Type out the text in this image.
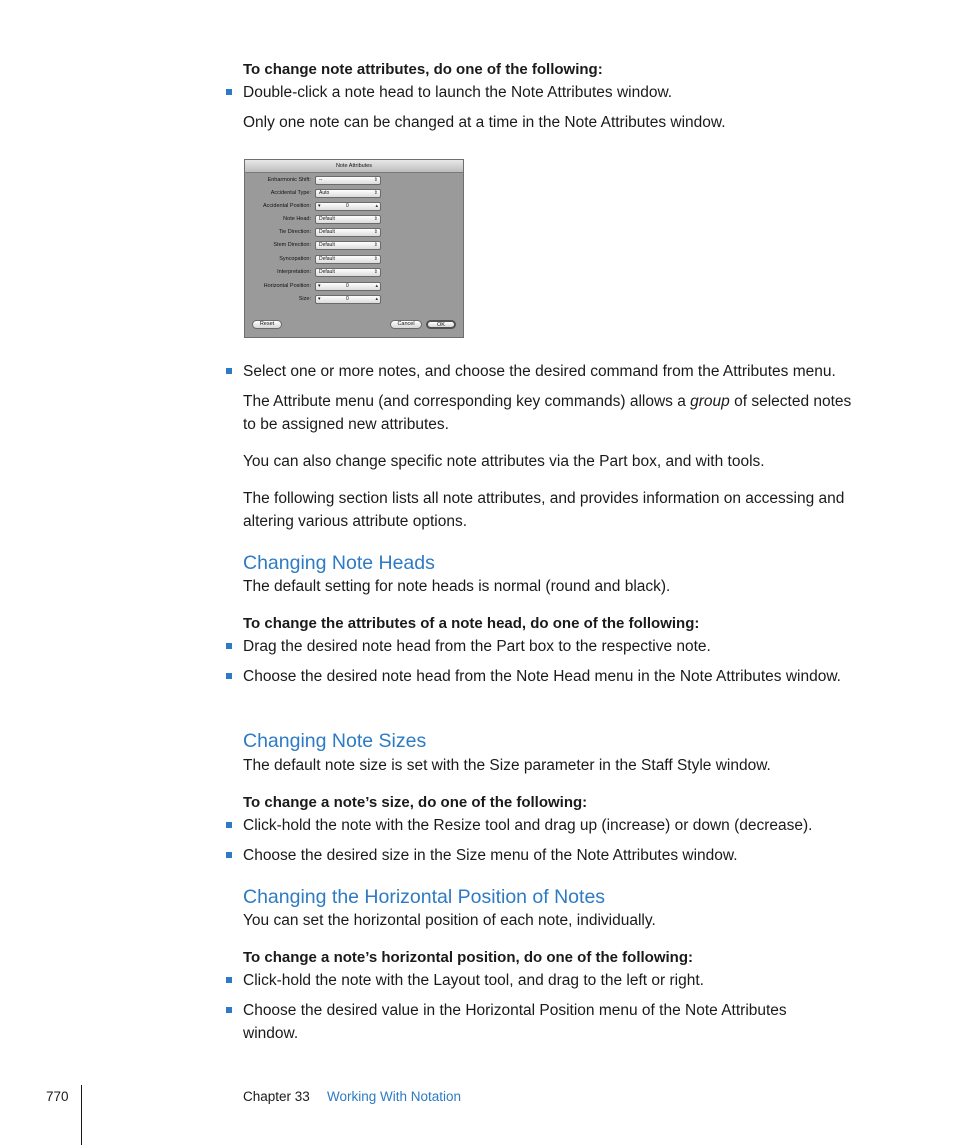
To change note attributes, do one of the following:
Double-click a note head to launch the Note Attributes window.
Only one note can be changed at a time in the Note Attributes window.
Note Attributes
Enharmonic Shift:	--	⇕
Accidental Type:	Auto	⇕
Accidental Position: ▾	0	▴
Note Head:	Default	⇕
Tie Direction:	Default	⇕
Stem Direction:	Default	⇕
Syncopation:	Default	⇕
Interpretation:	Default	⇕
Horizontal Position: ▾	0	▴
Size: ▾	0	▴
Reset	Cancel	OK
Select one or more notes, and choose the desired command from the Attributes menu.
The Attribute menu (and corresponding key commands) allows a group of selected notes to be assigned new attributes.
You can also change specific note attributes via the Part box, and with tools.
The following section lists all note attributes, and provides information on accessing and altering various attribute options.
Changing Note Heads
The default setting for note heads is normal (round and black).
To change the attributes of a note head, do one of the following:
Drag the desired note head from the Part box to the respective note.
Choose the desired note head from the Note Head menu in the Note Attributes window.
Changing Note Sizes
The default note size is set with the Size parameter in the Staff Style window.
To change a note’s size, do one of the following:
Click-hold the note with the Resize tool and drag up (increase) or down (decrease).
Choose the desired size in the Size menu of the Note Attributes window.
Changing the Horizontal Position of Notes
You can set the horizontal position of each note, individually.
To change a note’s horizontal position, do one of the following:
Click-hold the note with the Layout tool, and drag to the left or right.
Choose the desired value in the Horizontal Position menu of the Note Attributes window.
770	Chapter 33 Working With Notation
